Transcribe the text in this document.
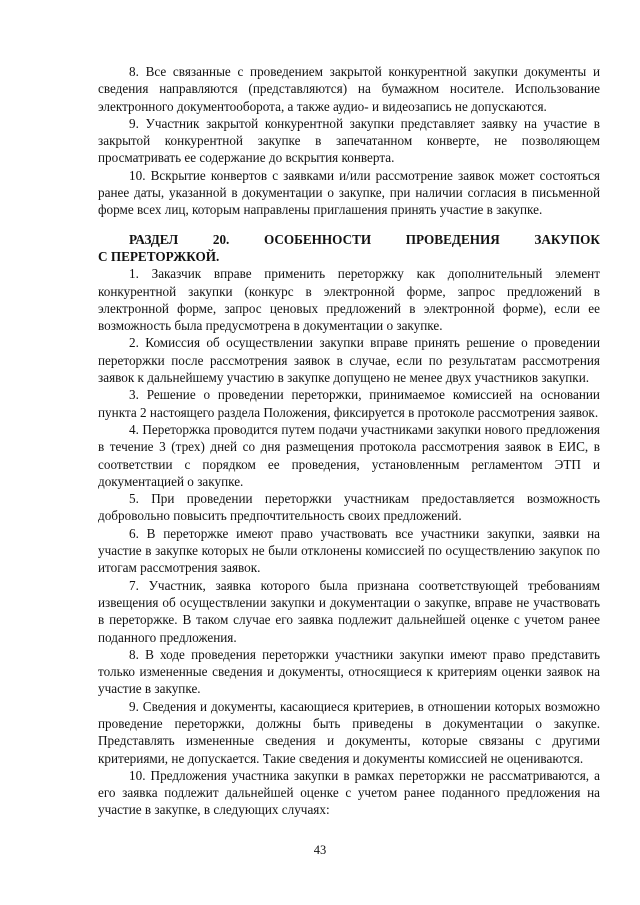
8. Все связанные с проведением закрытой конкурентной закупки документы и сведения направляются (представляются) на бумажном носителе. Использование электронного документооборота, а также аудио- и видеозапись не допускаются.

9. Участник закрытой конкурентной закупки представляет заявку на участие в закрытой конкурентной закупке в запечатанном конверте, не позволяющем просматривать ее содержание до вскрытия конверта.

10. Вскрытие конвертов с заявками и/или рассмотрение заявок может состояться ранее даты, указанной в документации о закупке, при наличии согласия в письменной форме всех лиц, которым направлены приглашения принять участие в закупке.

РАЗДЕЛ	20.	ОСОБЕННОСТИ	ПРОВЕДЕНИЯ	ЗАКУПОК

С ПЕРЕТОРЖКОЙ.

1. Заказчик вправе применить переторжку как дополнительный элемент конкурентной закупки (конкурс в электронной форме, запрос предложений в электронной форме, запрос ценовых предложений в электронной форме), если ее возможность была предусмотрена в документации о закупке.

2. Комиссия об осуществлении закупки вправе принять решение о проведении переторжки после рассмотрения заявок в случае, если по результатам рассмотрения заявок к дальнейшему участию в закупке допущено не менее двух участников закупки.

3. Решение о проведении переторжки, принимаемое комиссией на основании пункта 2 настоящего раздела Положения, фиксируется в протоколе рассмотрения заявок.

4. Переторжка проводится путем подачи участниками закупки нового предложения в течение 3 (трех) дней со дня размещения протокола рассмотрения заявок в ЕИС, в соответствии с порядком ее проведения, установленным регламентом ЭТП и документацией о закупке.

5. При проведении переторжки участникам предоставляется возможность добровольно повысить предпочтительность своих предложений.

6. В переторжке имеют право участвовать все участники закупки, заявки на участие в закупке которых не были отклонены комиссией по осуществлению закупок по итогам рассмотрения заявок.

7. Участник, заявка которого была признана соответствующей требованиям извещения об осуществлении закупки и документации о закупке, вправе не участвовать в переторжке. В таком случае его заявка подлежит дальнейшей оценке с учетом ранее поданного предложения.

8. В ходе проведения переторжки участники закупки имеют право представить только измененные сведения и документы, относящиеся к критериям оценки заявок на участие в закупке.

9. Сведения и документы, касающиеся критериев, в отношении которых возможно проведение переторжки, должны быть приведены в документации о закупке. Представлять измененные сведения и документы, которые связаны с другими критериями, не допускается. Такие сведения и документы комиссией не оцениваются.

10. Предложения участника закупки в рамках переторжки не рассматриваются, а его заявка подлежит дальнейшей оценке с учетом ранее поданного предложения на участие в закупке, в следующих случаях:

43
